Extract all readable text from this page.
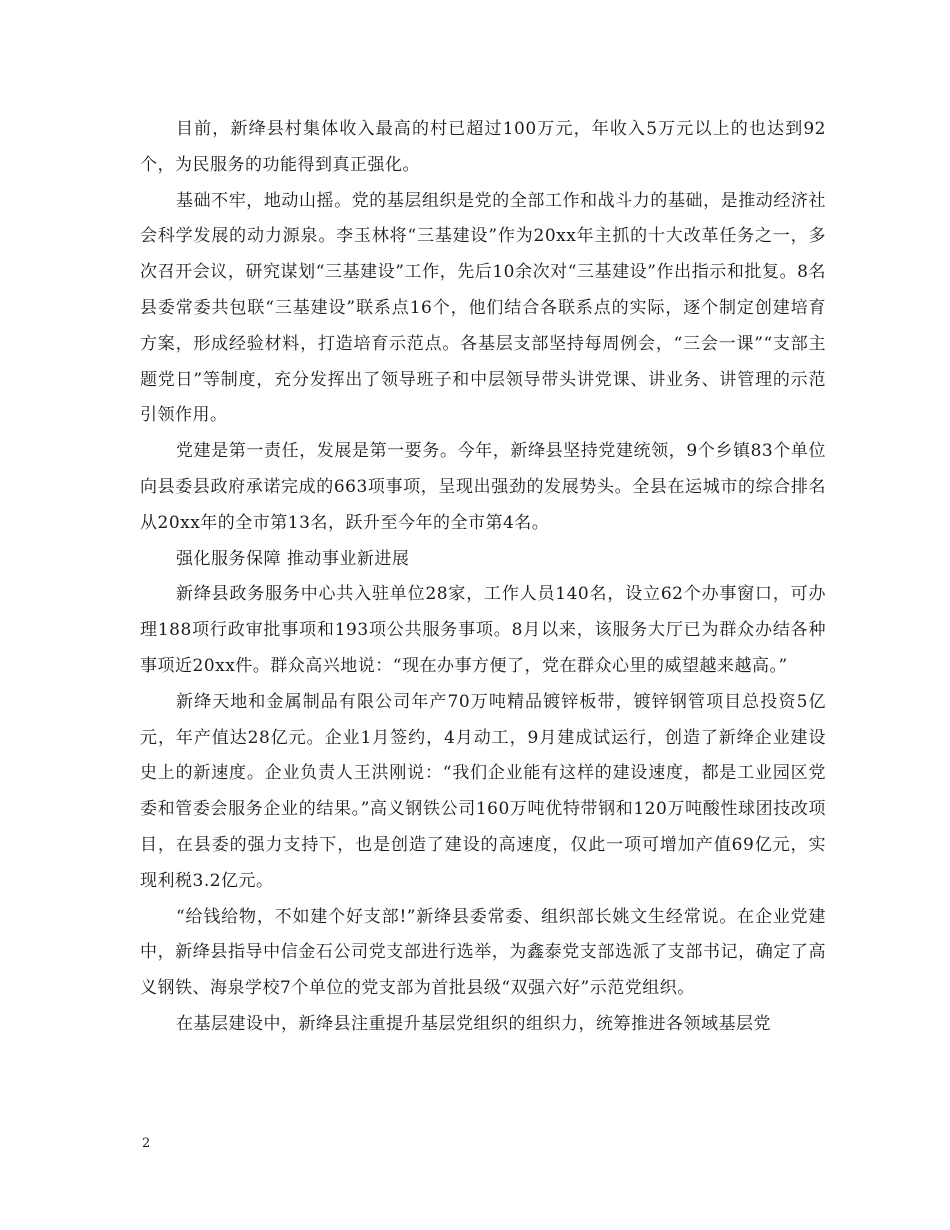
目前，新绛县村集体收入最高的村已超过100万元，年收入5万元以上的也达到92个，为民服务的功能得到真正强化。

基础不牢，地动山摇。党的基层组织是党的全部工作和战斗力的基础，是推动经济社会科学发展的动力源泉。李玉林将“三基建设”作为20xx年主抓的十大改革任务之一，多次召开会议，研究谋划“三基建设”工作，先后10余次对“三基建设”作出指示和批复。8名县委常委共包联“三基建设”联系点16个，他们结合各联系点的实际，逐个制定创建培育方案，形成经验材料，打造培育示范点。各基层支部坚持每周例会，“三会一课”“支部主题党日”等制度，充分发挥出了领导班子和中层领导带头讲党课、讲业务、讲管理的示范引领作用。

党建是第一责任，发展是第一要务。今年，新绛县坚持党建统领，9个乡镇83个单位向县委县政府承诺完成的663项事项，呈现出强劲的发展势头。全县在运城市的综合排名从20xx年的全市第13名，跃升至今年的全市第4名。

强化服务保障 推动事业新进展

新绛县政务服务中心共入驻单位28家，工作人员140名，设立62个办事窗口，可办理188项行政审批事项和193项公共服务事项。8月以来，该服务大厅已为群众办结各种事项近20xx件。群众高兴地说：“现在办事方便了，党在群众心里的威望越来越高。”

新绛天地和金属制品有限公司年产70万吨精品镀锌板带，镀锌钢管项目总投资5亿元，年产值达28亿元。企业1月签约，4月动工，9月建成试运行，创造了新绛企业建设史上的新速度。企业负责人王洪刚说：“我们企业能有这样的建设速度，都是工业园区党委和管委会服务企业的结果。”高义钢铁公司160万吨优特带钢和120万吨酸性球团技改项目，在县委的强力支持下，也是创造了建设的高速度，仅此一项可增加产值69亿元，实现利税3.2亿元。

“给钱给物，不如建个好支部!”新绛县委常委、组织部长姚文生经常说。在企业党建中，新绛县指导中信金石公司党支部进行选举，为鑫泰党支部选派了支部书记，确定了高义钢铁、海泉学校7个单位的党支部为首批县级“双强六好”示范党组织。

在基层建设中，新绛县注重提升基层党组织的组织力，统筹推进各领域基层党

2
